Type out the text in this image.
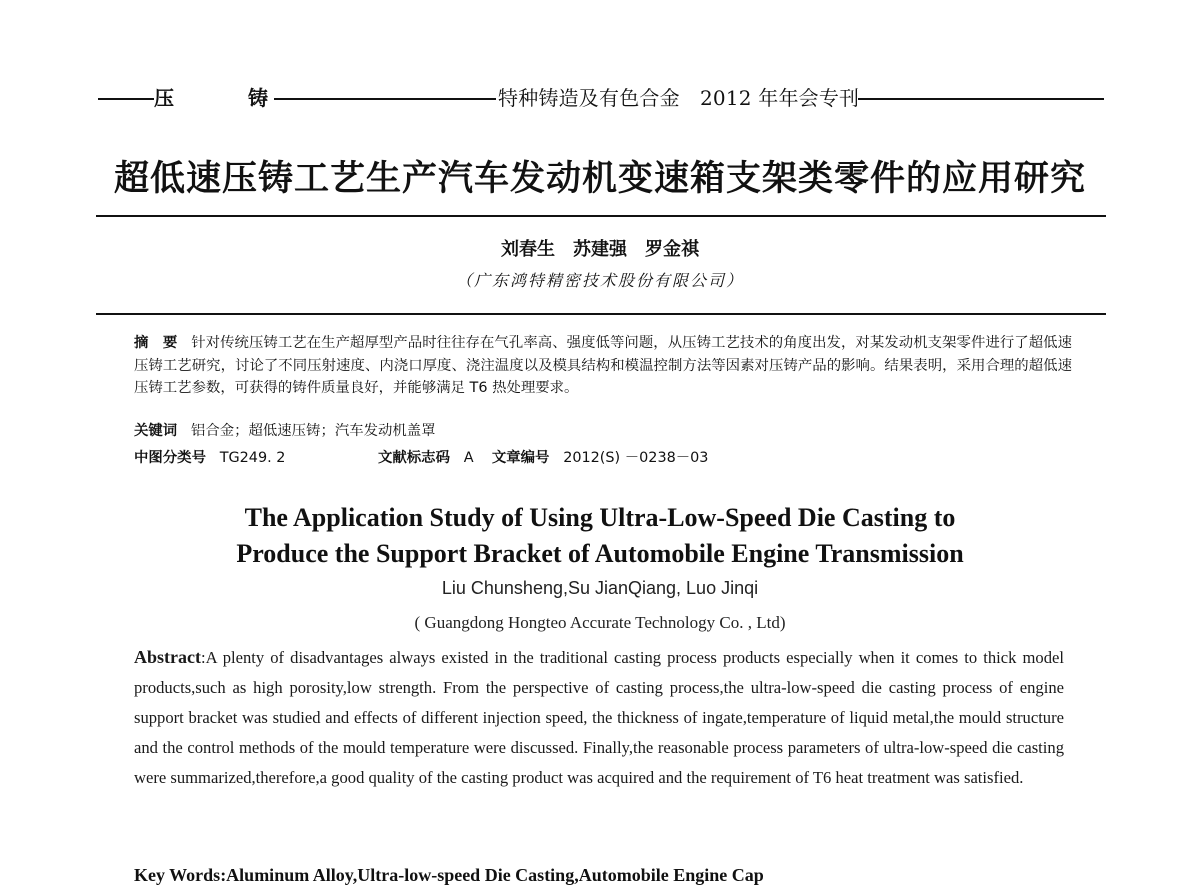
压	铸	特种铸造及有色合金　2012 年年会专刊
超低速压铸工艺生产汽车发动机变速箱支架类零件的应用研究
刘春生　苏建强　罗金祺
（广东鸿特精密技术股份有限公司）

摘　要 针对传统压铸工艺在生产超厚型产品时往往存在气孔率高、强度低等问题，从压铸工艺技术的角度出发，对某发动机支架零件进行了超低速压铸工艺研究，讨论了不同压射速度、内浇口厚度、浇注温度以及模具结构和模温控制方法等因素对压铸产品的影响。结果表明，采用合理的超低速压铸工艺参数，可获得的铸件质量良好，并能够满足 T6 热处理要求。

关键词 铝合金；超低速压铸；汽车发动机盖罩
中图分类号 TG249. 2	文献标志码 A 文章编号 2012(S) －0238－03
The Application Study of Using Ultra-Low-Speed Die Casting to
Produce the Support Bracket of Automobile Engine Transmission
Liu Chunsheng,Su JianQiang, Luo Jinqi
( Guangdong Hongteo Accurate Technology Co. , Ltd)

Abstract:A plenty of disadvantages always existed in the traditional casting process products especially when it comes to thick model products,such as high porosity,low strength. From the perspective of casting process,the ultra-low-speed die casting process of engine support bracket was studied and effects of different injection speed, the thickness of ingate,temperature of liquid metal,the mould structure and the control methods of the mould temperature were discussed. Finally,the reasonable process parameters of ultra-low-speed die casting were summarized,therefore,a good quality of the casting product was acquired and the requirement of T6 heat treatment was satisfied.

Key Words:Aluminum Alloy,Ultra-low-speed Die Casting,Automobile Engine Cap
